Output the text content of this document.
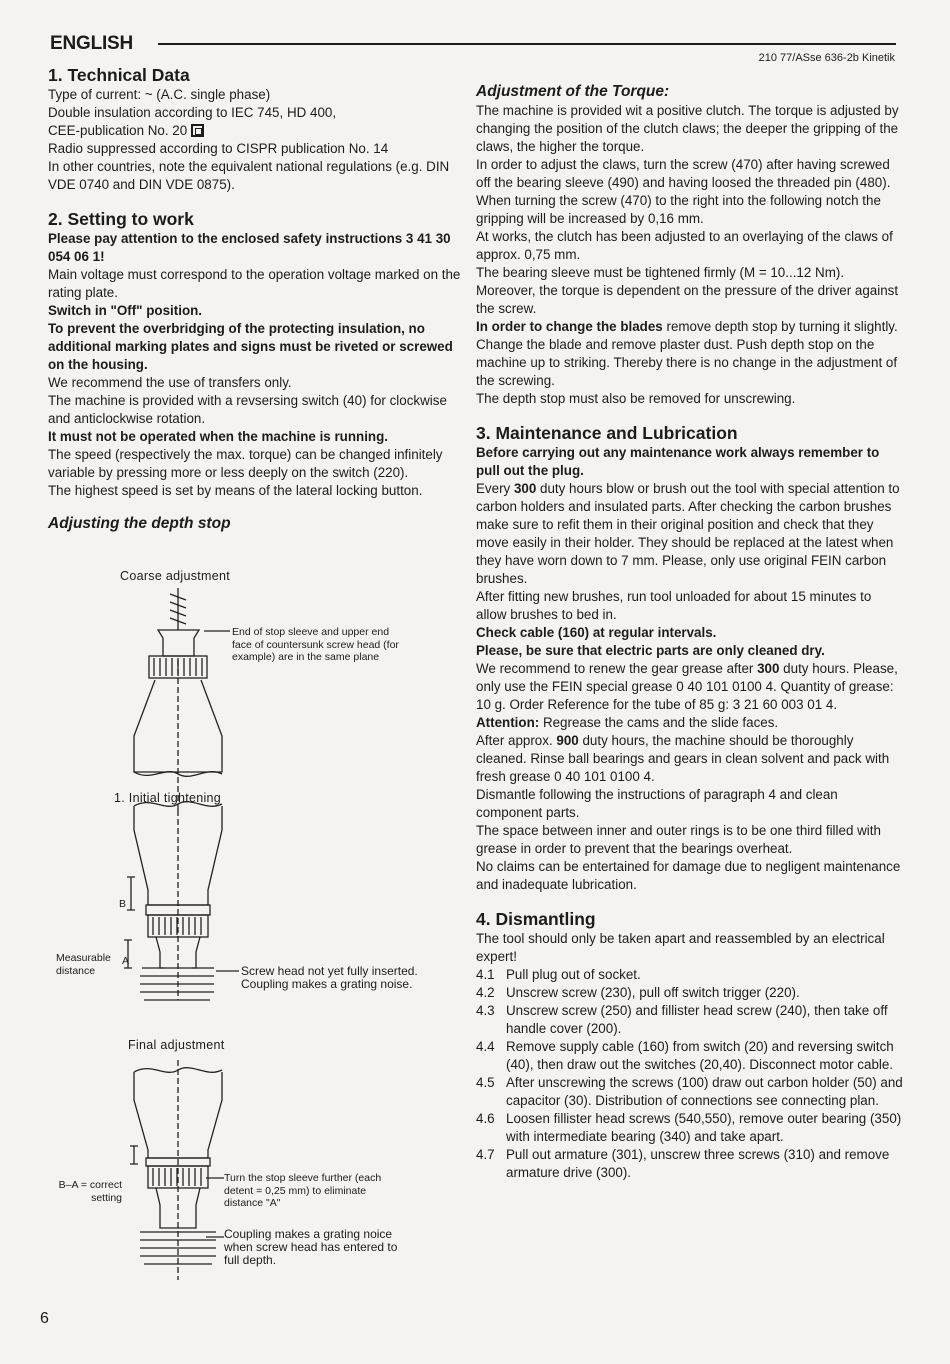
ENGLISH
210 77/ASse 636-2b Kinetik
1. Technical Data

Type of current: ~ (A.C. single phase)

Double insulation according to IEC 745, HD 400,

CEE-publication No. 20

Radio suppressed according to CISPR publication No. 14

In other countries, note the equivalent national regulations (e.g. DIN VDE 0740 and DIN VDE 0875).

2. Setting to work

Please pay attention to the enclosed safety instructions 3 41 30 054 06 1!

Main voltage must correspond to the operation voltage marked on the rating plate.

Switch in "Off" position.

To prevent the overbridging of the protecting insulation, no additional marking plates and signs must be riveted or screwed on the housing.

We recommend the use of transfers only.

The machine is provided with a revsersing switch (40) for clockwise and anticlockwise rotation.

It must not be operated when the machine is running.

The speed (respectively the max. torque) can be changed infinitely variable by pressing more or less deeply on the switch (220).

The highest speed is set by means of the lateral locking button.

Adjusting the depth stop
Coarse adjustment
End of stop sleeve and upper end face of countersunk screw head (for example) are in the same plane
1. Initial tightening
B
A
Measurable distance	Screw head not yet fully inserted. Coupling makes a grating noise.
Final adjustment
B–A = correct setting
Turn the stop sleeve further (each detent = 0,25 mm) to eliminate distance "A"
Coupling makes a grating noice when screw head has entered to full depth.
Adjustment of the Torque:

The machine is provided wit a positive clutch. The torque is adjusted by changing the position of the clutch claws; the deeper the gripping of the claws, the higher the torque.

In order to adjust the claws, turn the screw (470) after having screwed off the bearing sleeve (490) and having loosed the threaded pin (480). When turning the screw (470) to the right into the following notch the gripping will be increased by 0,16 mm.

At works, the clutch has been adjusted to an overlaying of the claws of approx. 0,75 mm.

The bearing sleeve must be tightened firmly (M = 10...12 Nm). Moreover, the torque is dependent on the pressure of the driver against the screw.

In order to change the blades remove depth stop by turning it slightly. Change the blade and remove plaster dust. Push depth stop on the machine up to striking. Thereby there is no change in the adjustment of the screwing.

The depth stop must also be removed for unscrewing.

3. Maintenance and Lubrication

Before carrying out any maintenance work always remember to pull out the plug.

Every 300 duty hours blow or brush out the tool with special attention to carbon holders and insulated parts. After checking the carbon brushes make sure to refit them in their original position and check that they move easily in their holder. They should be replaced at the latest when they have worn down to 7 mm. Please, only use original FEIN carbon brushes.

After fitting new brushes, run tool unloaded for about 15 minutes to allow brushes to bed in.

Check cable (160) at regular intervals.

Please, be sure that electric parts are only cleaned dry.

We recommend to renew the gear grease after 300 duty hours. Please, only use the FEIN special grease 0 40 101 0100 4. Quantity of grease: 10 g. Order Reference for the tube of 85 g: 3 21 60 003 01 4.

Attention: Regrease the cams and the slide faces.

After approx. 900 duty hours, the machine should be thoroughly cleaned. Rinse ball bearings and gears in clean solvent and pack with fresh grease 0 40 101 0100 4.

Dismantle following the instructions of paragraph 4 and clean component parts.

The space between inner and outer rings is to be one third filled with grease in order to prevent that the bearings overheat.

No claims can be entertained for damage due to negligent maintenance and inadequate lubrication.

4. Dismantling

The tool should only be taken apart and reassembled by an electrical expert!

4.1 Pull plug out of socket.
4.2 Unscrew screw (230), pull off switch trigger (220).
4.3 Unscrew screw (250) and fillister head screw (240), then take off handle cover (200).
4.4 Remove supply cable (160) from switch (20) and reversing switch (40), then draw out the switches (20,40). Disconnect motor cable.
4.5 After unscrewing the screws (100) draw out carbon holder (50) and capacitor (30). Distribution of connections see connecting plan.
4.6 Loosen fillister head screws (540,550), remove outer bearing (350) with intermediate bearing (340) and take apart.
4.7 Pull out armature (301), unscrew three screws (310) and remove armature drive (300).
6
